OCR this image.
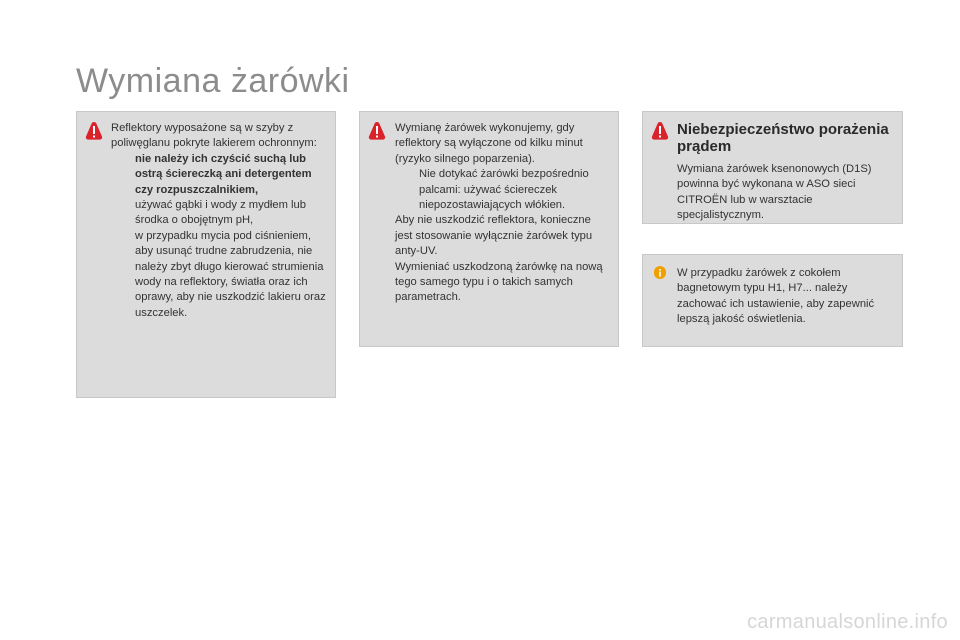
Wymiana żarówki

Reflektory wyposażone są w szyby z poliwęglanu pokryte lakierem ochronnym:

nie należy ich czyścić suchą lub ostrą ściereczką ani detergentem czy rozpuszczalnikiem,
używać gąbki i wody z mydłem lub środka o obojętnym pH,
w przypadku mycia pod ciśnieniem, aby usunąć trudne zabrudzenia, nie należy zbyt długo kierować strumienia wody na reflektory, światła oraz ich oprawy, aby nie uszkodzić lakieru oraz uszczelek.

Wymianę żarówek wykonujemy, gdy reflektory są wyłączone od kilku minut (ryzyko silnego poparzenia).

Nie dotykać żarówki bezpośrednio palcami: używać ściereczek niepozostawiających włókien.

Aby nie uszkodzić reflektora, konieczne jest stosowanie wyłącznie żarówek typu anty-UV.

Wymieniać uszkodzoną żarówkę na nową tego samego typu i o takich samych parametrach.

Niebezpieczeństwo porażenia prądem

Wymiana żarówek ksenonowych (D1S) powinna być wykonana w ASO sieci CITROËN lub w warsztacie specjalistycznym.

W przypadku żarówek z cokołem bagnetowym typu H1, H7... należy zachować ich ustawienie, aby zapewnić lepszą jakość oświetlenia.

carmanualsonline.info
